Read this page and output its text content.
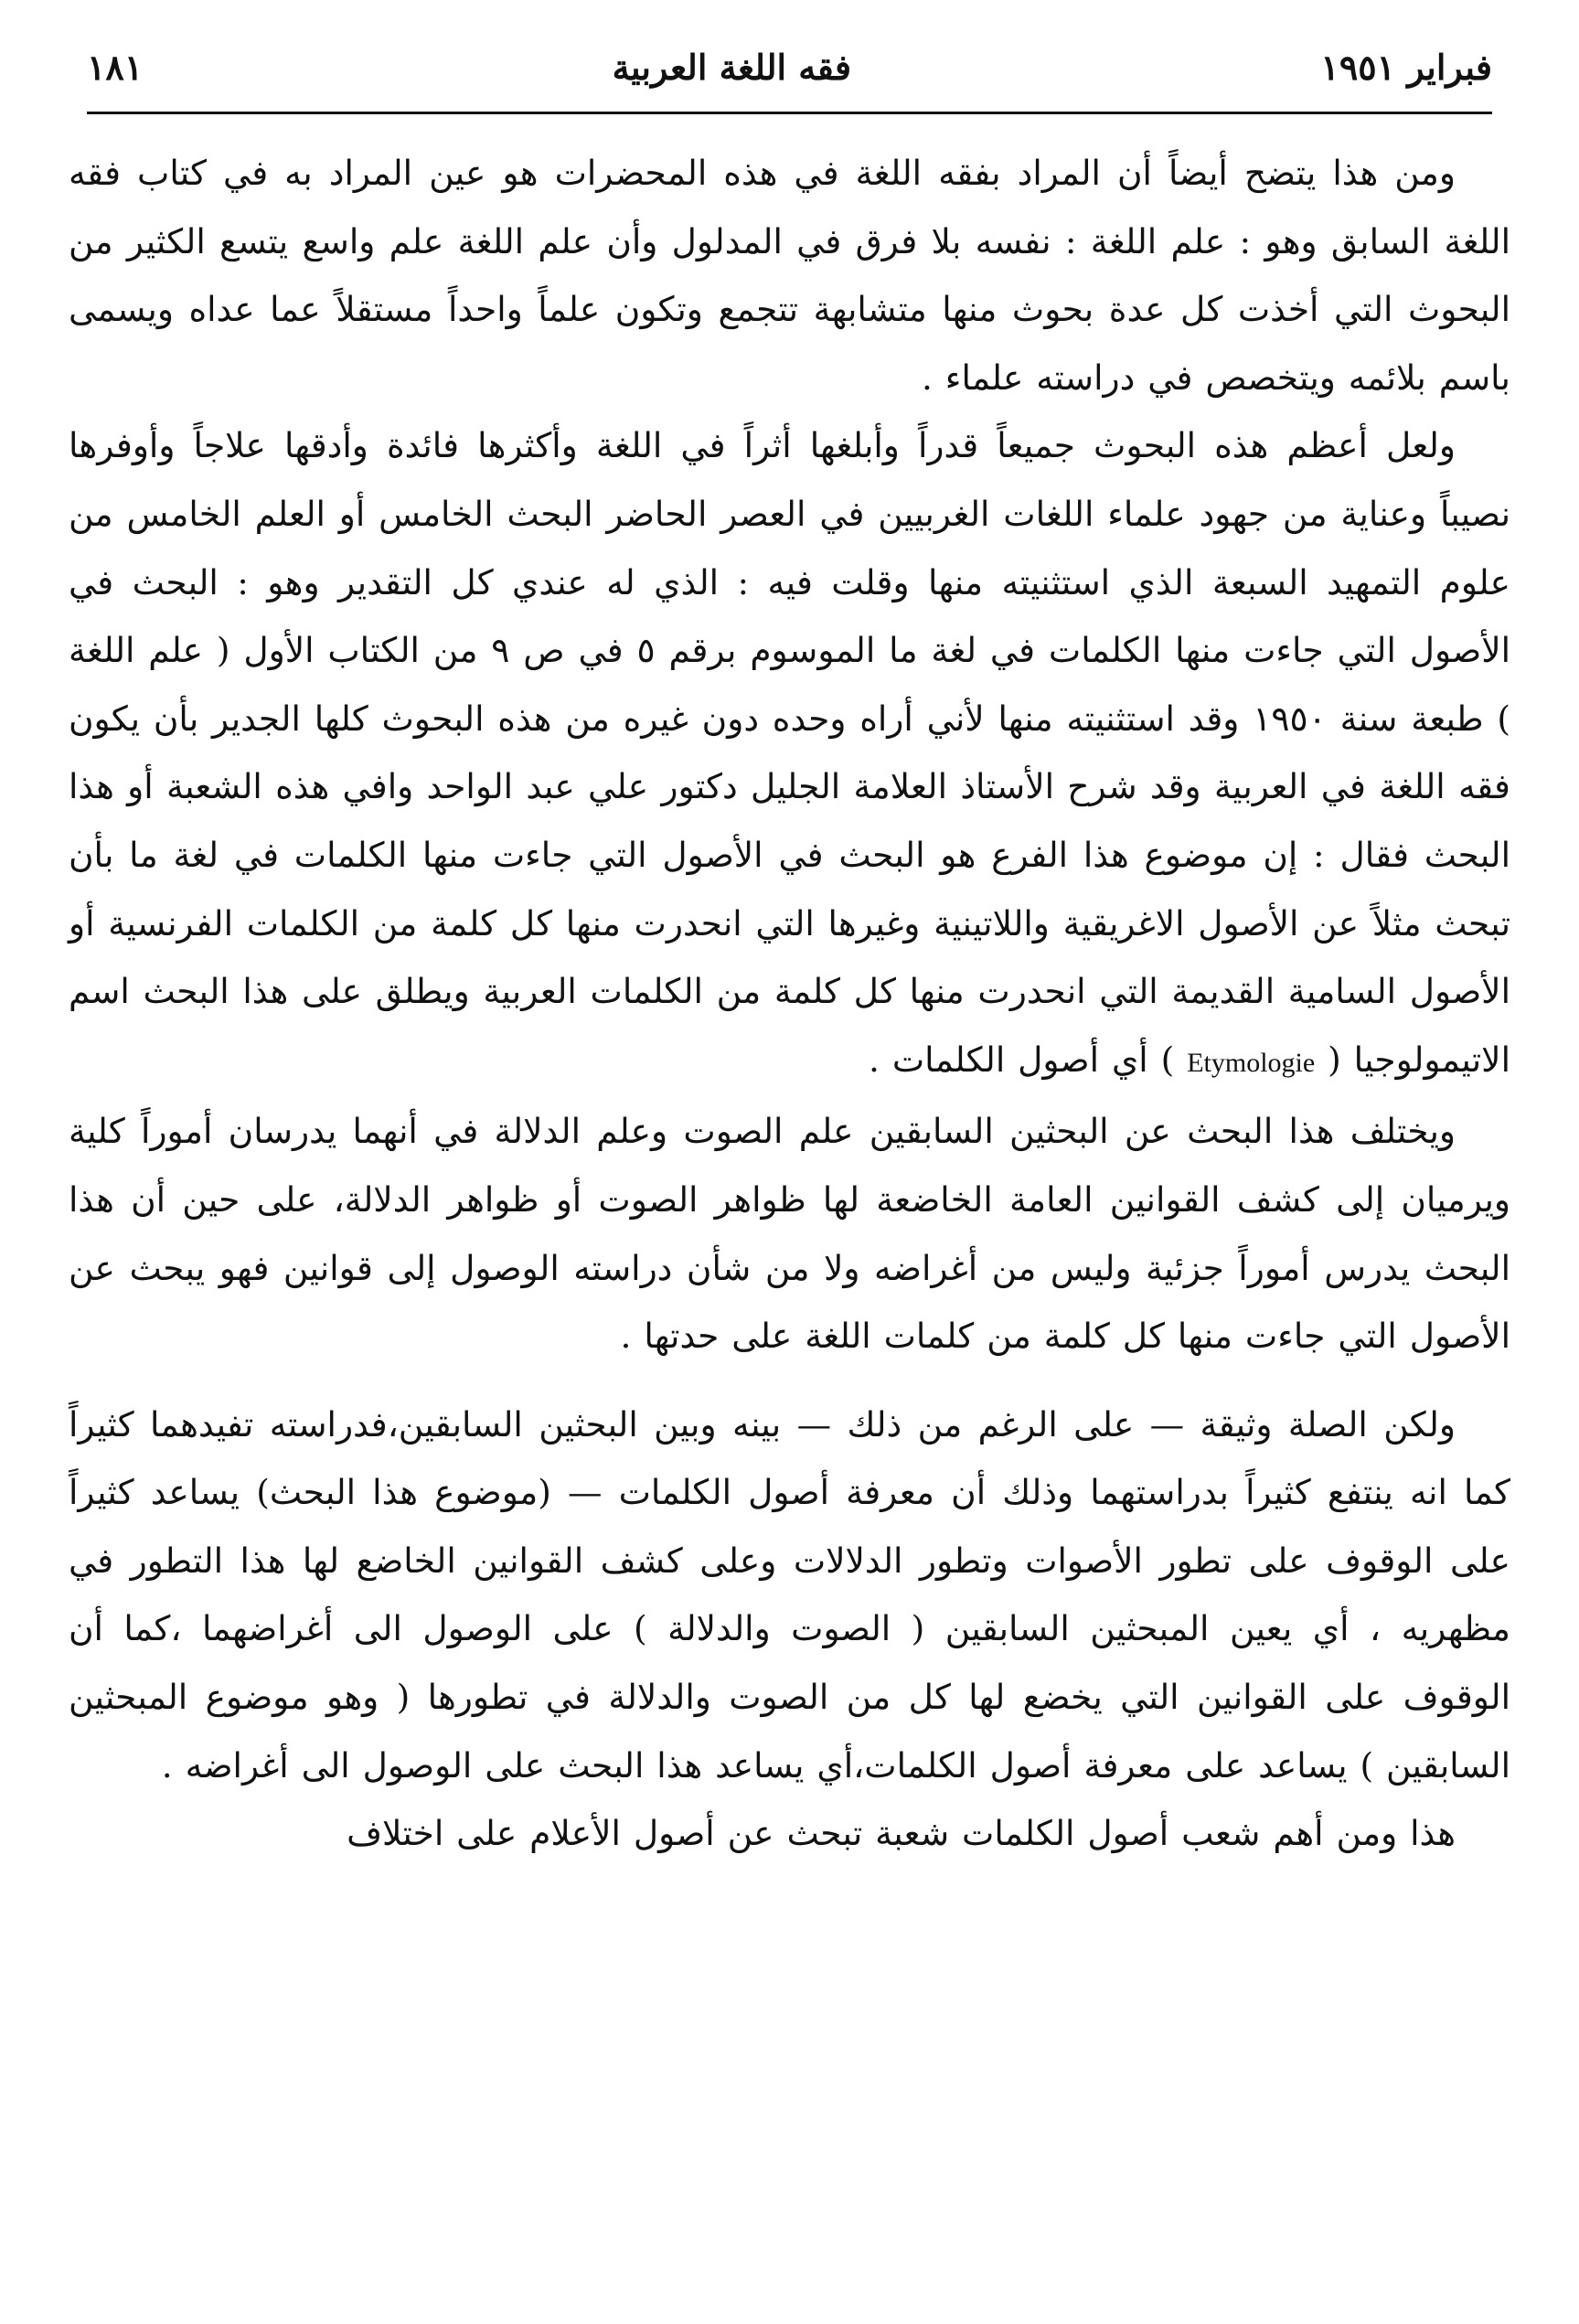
فبراير ١٩٥١
فقه اللغة العربية
١٨١

ومن هذا يتضح أيضاً أن المراد بفقه اللغة في هذه المحضرات هو عين المراد به في كتاب فقه اللغة السابق وهو : علم اللغة : نفسه بلا فرق في المدلول وأن علم اللغة علم واسع يتسع الكثير من البحوث التي أخذت كل عدة بحوث منها متشابهة تتجمع وتكون علماً واحداً مستقلاً عما عداه ويسمى باسم بلائمه ويتخصص في دراسته علماء .

ولعل أعظم هذه البحوث جميعاً قدراً وأبلغها أثراً في اللغة وأكثرها فائدة وأدقها علاجاً وأوفرها نصيباً وعناية من جهود علماء اللغات الغربيين في العصر الحاضر البحث الخامس أو العلم الخامس من علوم التمهيد السبعة الذي استثنيته منها وقلت فيه : الذي له عندي كل التقدير وهو : البحث في الأصول التي جاءت منها الكلمات في لغة ما الموسوم برقم ٥ في ص ٩ من الكتاب الأول ( علم اللغة ) طبعة سنة ١٩٥٠ وقد استثنيته منها لأني أراه وحده دون غيره من هذه البحوث كلها الجدير بأن يكون فقه اللغة في العربية وقد شرح الأستاذ العلامة الجليل دكتور علي عبد الواحد وافي هذه الشعبة أو هذا البحث فقال : إن موضوع هذا الفرع هو البحث في الأصول التي جاءت منها الكلمات في لغة ما بأن تبحث مثلاً عن الأصول الاغريقية واللاتينية وغيرها التي انحدرت منها كل كلمة من الكلمات الفرنسية أو الأصول السامية القديمة التي انحدرت منها كل كلمة من الكلمات العربية ويطلق على هذا البحث اسم الاتيمولوجيا ( Etymologie ) أي أصول الكلمات .

ويختلف هذا البحث عن البحثين السابقين علم الصوت وعلم الدلالة في أنهما يدرسان أموراً كلية ويرميان إلى كشف القوانين العامة الخاضعة لها ظواهر الصوت أو ظواهر الدلالة، على حين أن هذا البحث يدرس أموراً جزئية وليس من أغراضه ولا من شأن دراسته الوصول إلى قوانين فهو يبحث عن الأصول التي جاءت منها كل كلمة من كلمات اللغة على حدتها .

ولكن الصلة وثيقة — على الرغم من ذلك — بينه وبين البحثين السابقين،فدراسته تفيدهما كثيراً كما انه ينتفع كثيراً بدراستهما وذلك أن معرفة أصول الكلمات — (موضوع هذا البحث) يساعد كثيراً على الوقوف على تطور الأصوات وتطور الدلالات وعلى كشف القوانين الخاضع لها هذا التطور في مظهريه ، أي يعين المبحثين السابقين ( الصوت والدلالة ) على الوصول الى أغراضهما ،كما أن الوقوف على القوانين التي يخضع لها كل من الصوت والدلالة في تطورها ( وهو موضوع المبحثين السابقين ) يساعد على معرفة أصول الكلمات،أي يساعد هذا البحث على الوصول الى أغراضه .

هذا ومن أهم شعب أصول الكلمات شعبة تبحث عن أصول الأعلام على اختلاف
